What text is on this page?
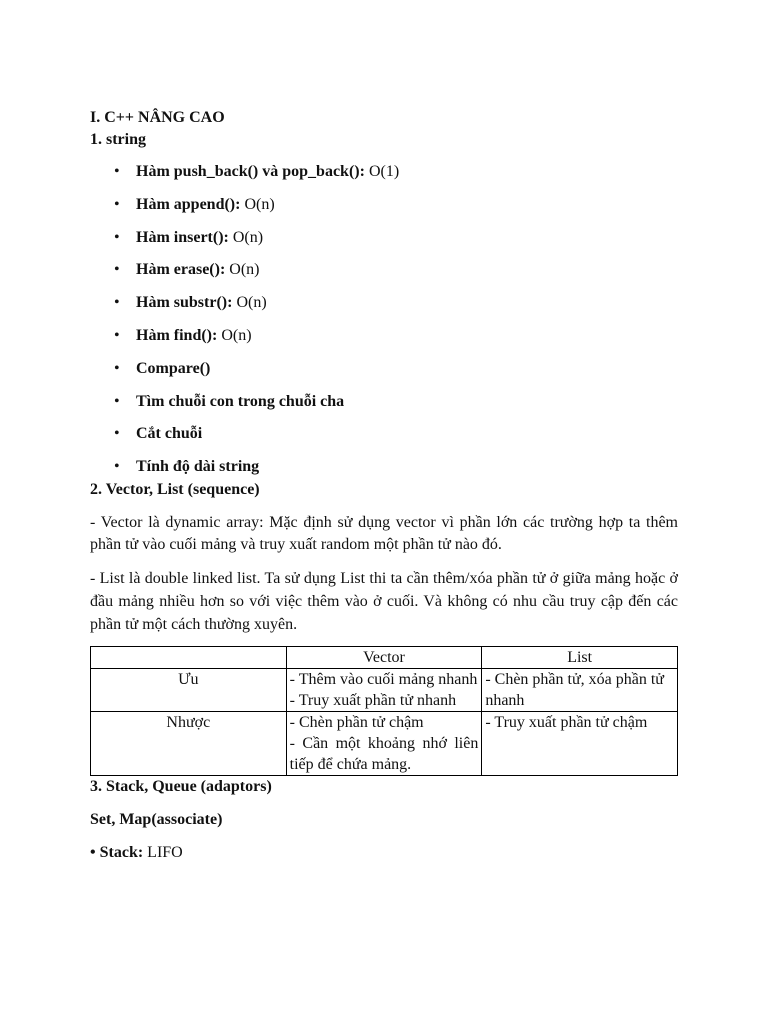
I. C++ NÂNG CAO

1. string

• Hàm push_back() và pop_back(): O(1)
• Hàm append(): O(n)
• Hàm insert(): O(n)
• Hàm erase(): O(n)
• Hàm substr(): O(n)
• Hàm find(): O(n)
• Compare()
• Tìm chuỗi con trong chuỗi cha
• Cắt chuỗi
• Tính độ dài string

2. Vector, List (sequence)

- Vector là dynamic array: Mặc định sử dụng vector vì phần lớn các trường hợp ta thêm phần tử vào cuối mảng và truy xuất random một phần tử nào đó.

- List là double linked list. Ta sử dụng List thi ta cần thêm/xóa phần tử ở giữa mảng hoặc ở đầu mảng nhiều hơn so với việc thêm vào ở cuối. Và không có nhu cầu truy cập đến các phần tử một cách thường xuyên.

	Vector	List
Ưu	- Thêm vào cuối mảng nhanh
- Truy xuất phần tử nhanh	- Chèn phần tử, xóa phần tử nhanh

Nhược	- Chèn phần tử chậm
- Cần một khoảng nhớ liên tiếp để chứa mảng.	- Truy xuất phần tử chậm

3. Stack, Queue (adaptors)

Set, Map(associate)

• Stack: LIFO
